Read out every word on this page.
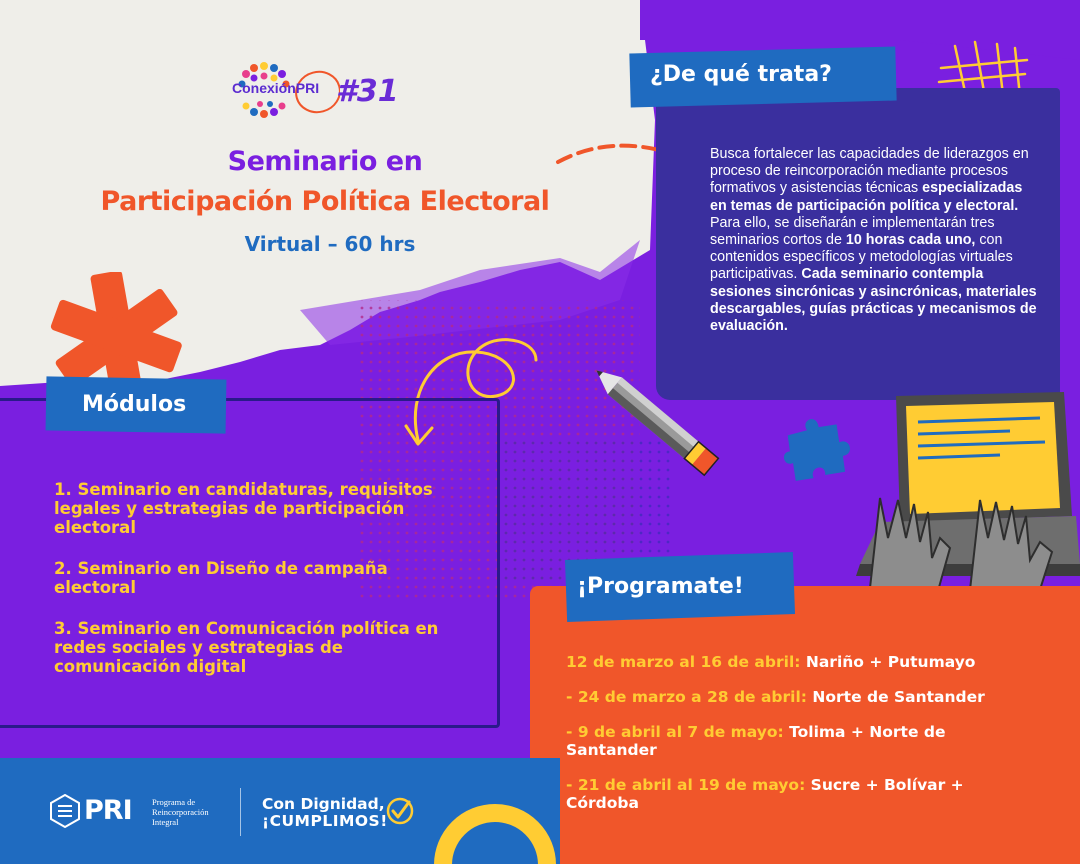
ConexiónPRI #31
Seminario en
Participación Política Electoral
Virtual – 60 hrs
¿De qué trata?
Busca fortalecer las capacidades de liderazgos en proceso de reincorporación mediante procesos formativos y asistencias técnicas especializadas en temas de participación política y electoral. Para ello, se diseñarán e implementarán tres seminarios cortos de 10 horas cada uno, con contenidos específicos y metodologías virtuales participativas. Cada seminario contempla sesiones sincrónicas y asincrónicas, materiales descargables, guías prácticas y mecanismos de evaluación.
Módulos
1. Seminario en candidaturas, requisitos legales y estrategias de participación electoral
2. Seminario en Diseño de campaña electoral
3. Seminario en Comunicación política en redes sociales y estrategias de comunicación digital
¡Programate!
12 de marzo al 16 de abril: Nariño + Putumayo
- 24 de marzo a 28 de abril: Norte de Santander
- 9 de abril al 7 de mayo: Tolima + Norte de Santander
- 21 de abril al 19 de mayo: Sucre + Bolívar + Córdoba
PRI Programa de Reincorporación Integral
Con Dignidad,
¡CUMPLIMOS!
